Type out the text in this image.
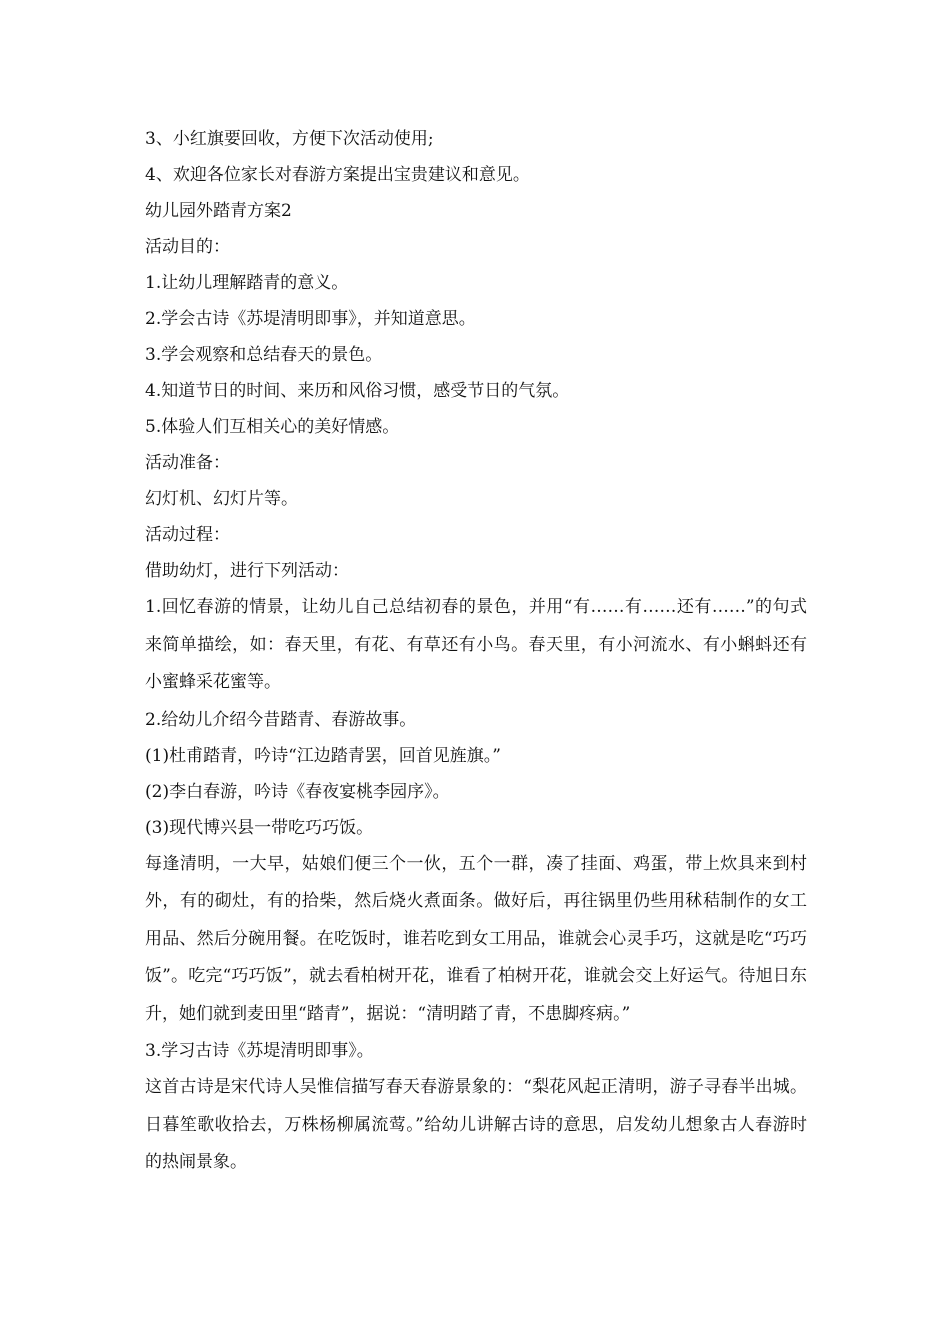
3、小红旗要回收，方便下次活动使用;

4、欢迎各位家长对春游方案提出宝贵建议和意见。

幼儿园外踏青方案2

活动目的：

1.让幼儿理解踏青的意义。

2.学会古诗《苏堤清明即事》，并知道意思。

3.学会观察和总结春天的景色。

4.知道节日的时间、来历和风俗习惯，感受节日的气氛。

5.体验人们互相关心的美好情感。

活动准备：

幻灯机、幻灯片等。

活动过程：

借助幼灯，进行下列活动：

1.回忆春游的情景，让幼儿自己总结初春的景色，并用“有……有……还有……”的句式来简单描绘，如：春天里，有花、有草还有小鸟。春天里，有小河流水、有小蝌蚪还有小蜜蜂采花蜜等。

2.给幼儿介绍今昔踏青、春游故事。

(1)杜甫踏青，吟诗“江边踏青罢，回首见旌旗。”

(2)李白春游，吟诗《春夜宴桃李园序》。

(3)现代博兴县一带吃巧巧饭。

每逢清明，一大早，姑娘们便三个一伙，五个一群，凑了挂面、鸡蛋，带上炊具来到村外，有的砌灶，有的拾柴，然后烧火煮面条。做好后，再往锅里仍些用秫秸制作的女工用品、然后分碗用餐。在吃饭时，谁若吃到女工用品，谁就会心灵手巧，这就是吃“巧巧饭”。吃完“巧巧饭”，就去看柏树开花，谁看了柏树开花，谁就会交上好运气。待旭日东升，她们就到麦田里“踏青”，据说：“清明踏了青，不患脚疼病。”

3.学习古诗《苏堤清明即事》。

这首古诗是宋代诗人吴惟信描写春天春游景象的：“梨花风起正清明，游子寻春半出城。日暮笙歌收拾去，万株杨柳属流莺。”给幼儿讲解古诗的意思，启发幼儿想象古人春游时的热闹景象。
